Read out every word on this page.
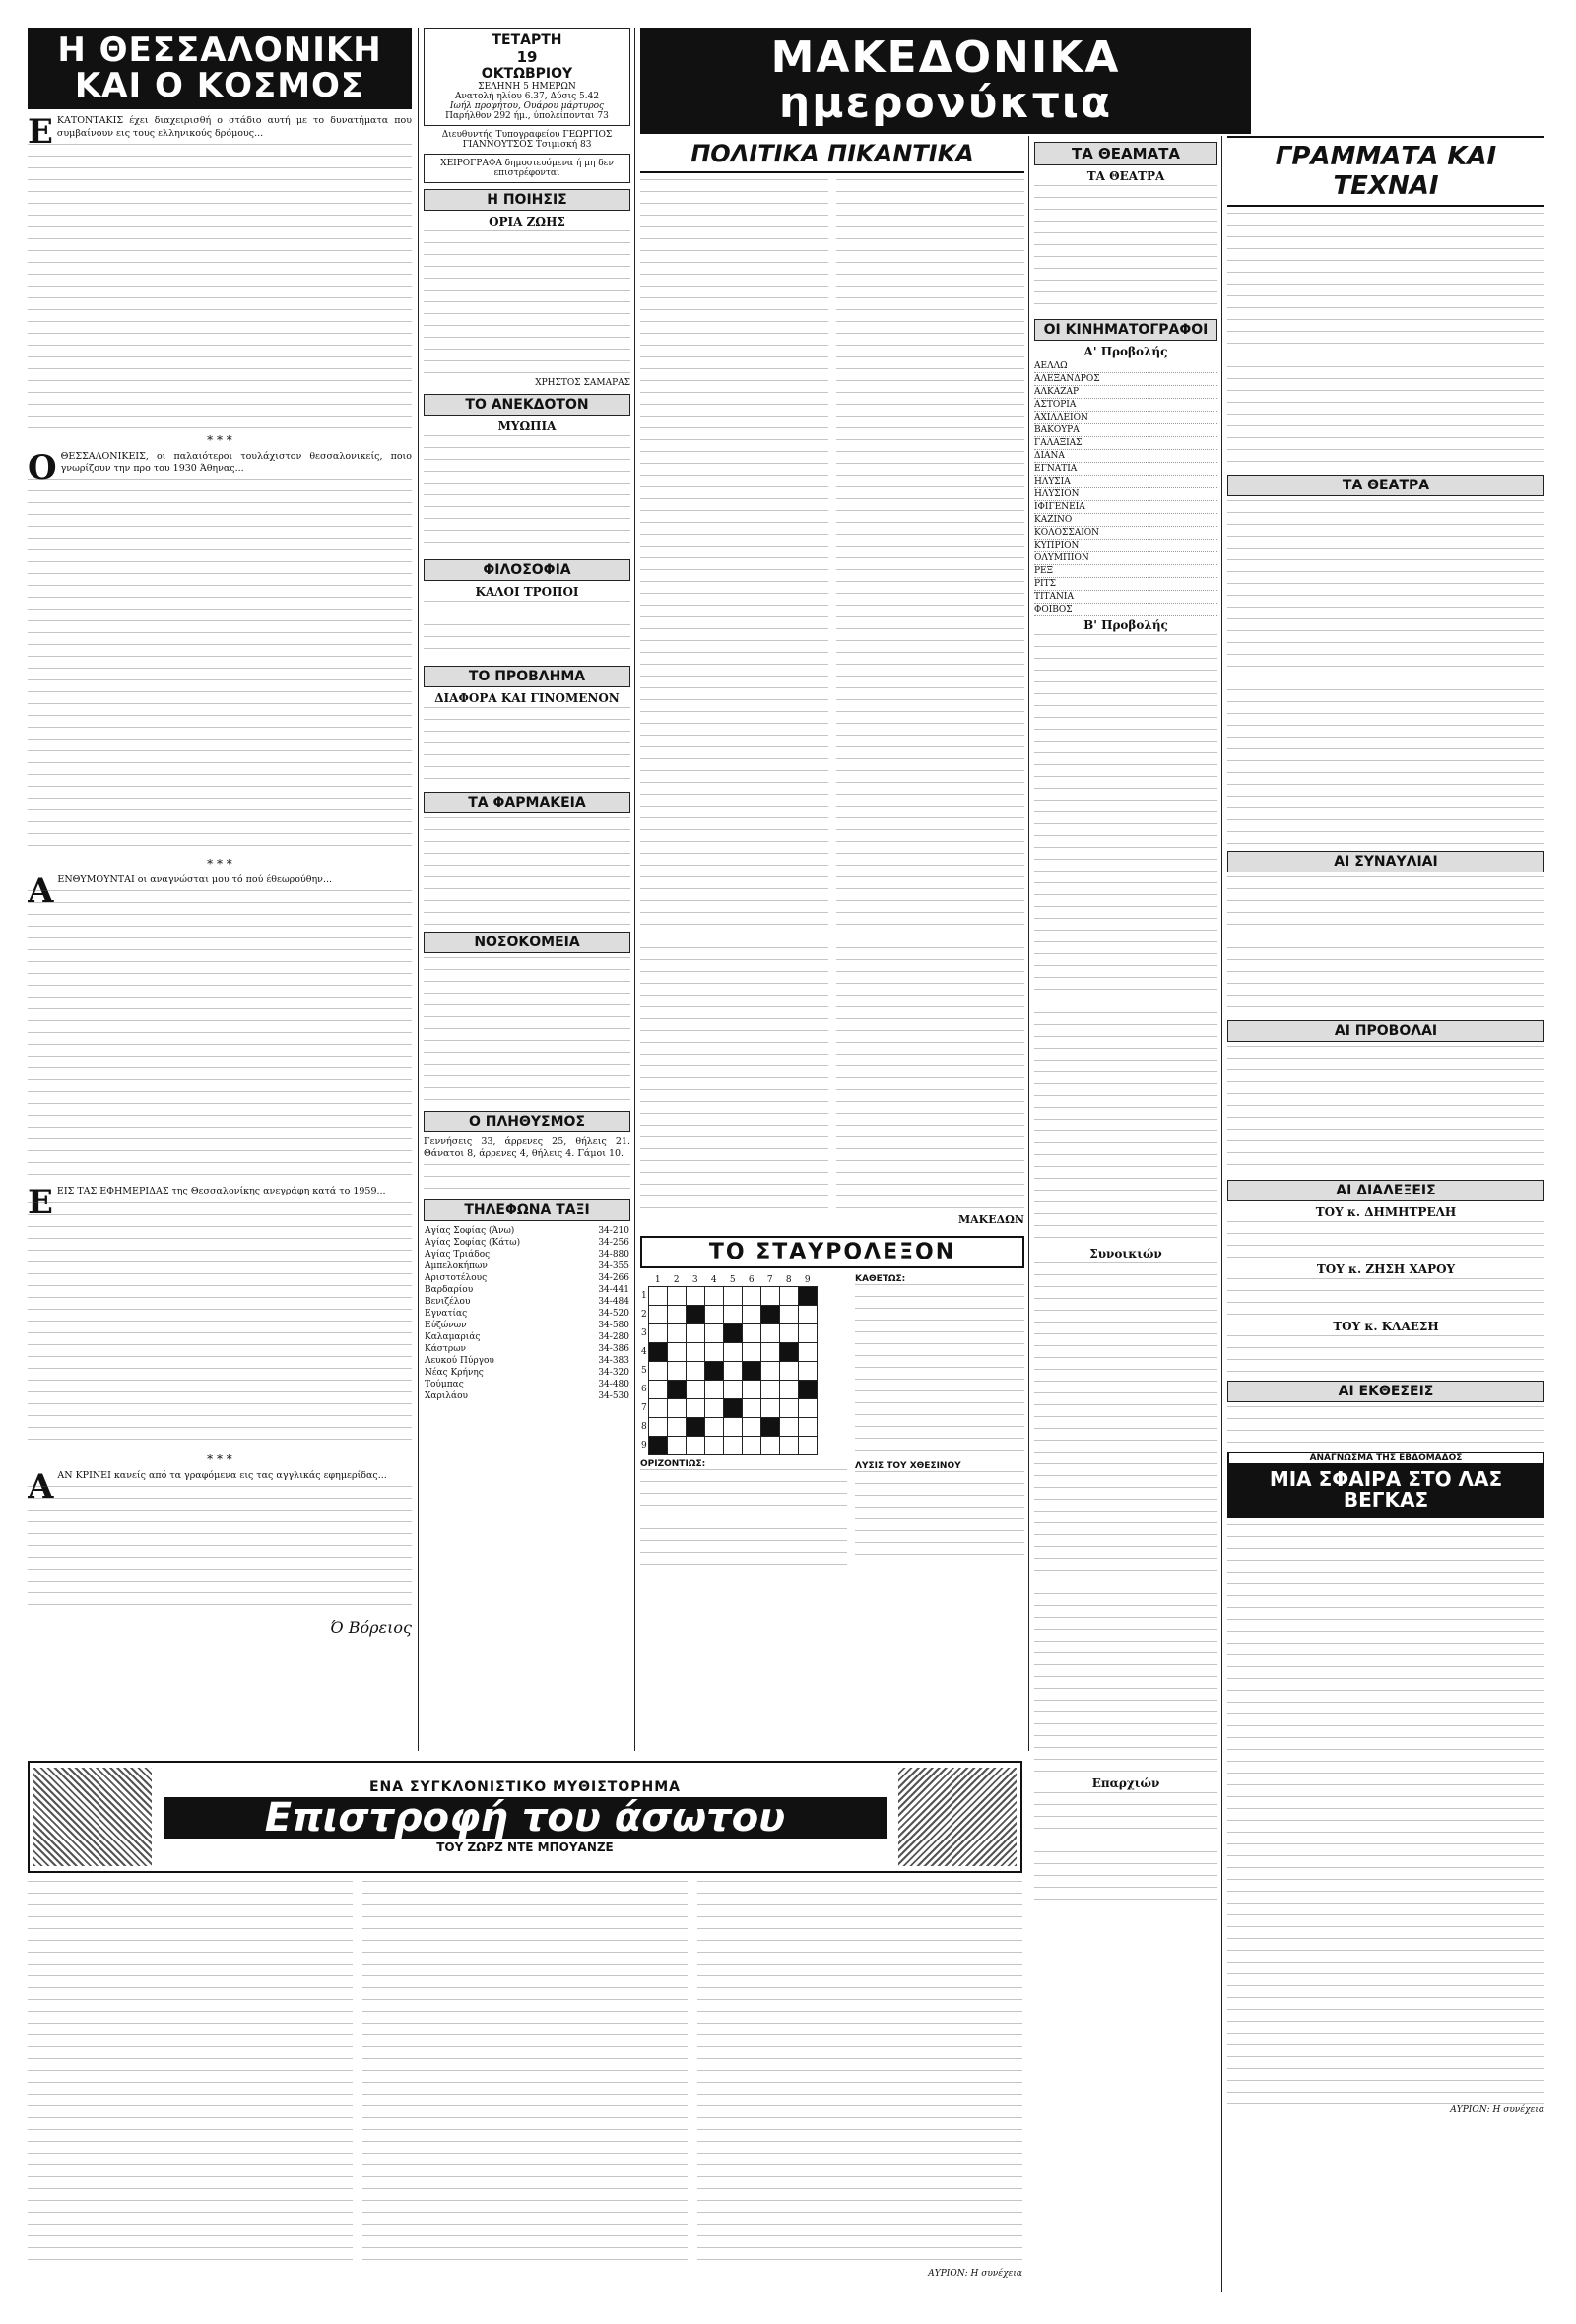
Η ΘΕΣΣΑΛΟΝΙΚΗ ΚΑΙ Ο ΚΟΣΜΟΣ
Ε ΚΑΤΟΝΤΑΚΙΣ έχει διαχειρισθή ο στάδιο αυτή με το δυνατήματα που συμβαίνουν εις τους ελληνικούς δρόμους...
* * *
Ο ΘΕΣΣΑΛΟΝΙΚΕΙΣ, οι παλαιότεροι τουλάχιστον θεσσαλονικείς, ποιο γνωρίζουν την προ του 1930 Άθηνας...
* * *
Α ΕΝΘΥΜΟΥΝΤΑΙ οι αναγνώσται μου τό πού έθεωρούθην...
Ε ΕΙΣ ΤΑΣ ΕΦΗΜΕΡΙΔΑΣ της Θεσσαλονίκης ανεγράφη κατά το 1959...
* * *
Α ΑΝ ΚΡΙΝΕΙ κανείς από τα γραφόμενα εις τας αγγλικάς εφημερίδας...
Ό Βόρειος
ΤΕΤΑΡΤΗ
19
ΟΚΤΩΒΡΙΟΥ
ΣΕΛΗΝΗ 5 ΗΜΕΡΩΝ
Ανατολή ηλίου 6.37, Δύσις 5.42
Ιωήλ προφήτου, Ουάρου μάρτυρος
Παρήλθον 292 ήμ., ύπολείπονται 73
Διευθυντής Τυπογραφείου ΓΕΩΡΓΙΟΣ ΓΙΑΝΝΟΥΤΣΟΣ Τσιμισκή 83
ΧΕΙΡΟΓΡΑΦΑ δημοσιευόμενα ή μη δεν επιστρέφονται
Η ΠΟΙΗΣΙΣ
ΟΡΙΑ ΖΩΗΣ
ΧΡΗΣΤΟΣ ΣΑΜΑΡΑΣ
ΤΟ ΑΝΕΚΔΟΤΟΝ
ΜΥΩΠΙΑ
ΦΙΛΟΣΟΦΙΑ
ΚΑΛΟΙ ΤΡΟΠΟΙ
ΤΟ ΠΡΟΒΛΗΜΑ
ΔΙΑΦΟΡΑ ΚΑΙ ΓΙΝΟΜΕΝΟΝ
ΤΑ ΦΑΡΜΑΚΕΙΑ
ΝΟΣΟΚΟΜΕΙΑ
Ο ΠΛΗΘΥΣΜΟΣ
Γεννήσεις 33, άρρενες 25, θήλεις 21. Θάνατοι 8, άρρενες 4, θήλεις 4. Γάμοι 10.
ΤΗΛΕΦΩΝΑ ΤΑΞΙ
Αγίας Σοφίας (Άνω)	34-210
Αγίας Σοφίας (Κάτω)	34-256
Αγίας Τριάδος	34-880
Αμπελοκήπων	34-355
Αριστοτέλους	34-266
Βαρδαρίου	34-441
Βενιζέλου	34-484
Εγνατίας	34-520
Εύζώνων	34-580
Καλαμαριάς	34-280
Κάστρων	34-386
Λευκού Πύργου	34-383
Νέας Κρήνης	34-320
Τούμπας	34-480
Χαριλάου	34-530
ΜΑΚΕΔΟΝΙΚΑ ημερονύκτια
ΠΟΛΙΤΙΚΑ ΠΙΚΑΝΤΙΚΑ
ΜΑΚΕΔΩΝ
ΤΟ ΣΤΑΥΡΟΛΕΞΟΝ
	1	2	3	4	5	6	7	8	9
1									
2									
3									
4									
5									
6									
7									
8									
9									
ΟΡΙΖΟΝΤΙΩΣ:
ΚΑΘΕΤΩΣ:
ΛΥΣΙΣ ΤΟΥ ΧΘΕΣΙΝΟΥ
ΤΑ ΘΕΑΜΑΤΑ
ΤΑ ΘΕΑΤΡΑ
ΟΙ ΚΙΝΗΜΑΤΟΓΡΑΦΟΙ
Α' Προβολής
ΑΕΛΛΩ
ΑΛΕΞΑΝΔΡΟΣ
ΑΛΚΑΖΑΡ
ΑΣΤΟΡΙΑ
ΑΧΙΛΛΕΙΟΝ
ΒΑΚΟΥΡΑ
ΓΑΛΑΞΙΑΣ
ΔΙΑΝΑ
ΕΓΝΑΤΙΑ
ΗΛΥΣΙΑ
ΗΛΥΣΙΟΝ
ΙΦΙΓΕΝΕΙΑ
ΚΑΖΙΝΟ
ΚΟΛΟΣΣΑΙΟΝ
ΚΥΠΡΙΟΝ
ΟΛΥΜΠΙΟΝ
ΡΕΞ
ΡΙΤΣ
ΤΙΤΑΝΙΑ
ΦΟΙΒΟΣ
Β' Προβολής
Συνοικιών
Επαρχιών
ΓΡΑΜΜΑΤΑ ΚΑΙ ΤΕΧΝΑΙ
ΤΑ ΘΕΑΤΡΑ
ΑΙ ΣΥΝΑΥΛΙΑΙ
ΑΙ ΠΡΟΒΟΛΑΙ
ΑΙ ΔΙΑΛΕΞΕΙΣ
ΤΟΥ κ. ΔΗΜΗΤΡΕΛΗ
ΤΟΥ κ. ΖΗΣΗ ΧΑΡΟΥ
ΤΟΥ κ. ΚΛΑΕΣΗ
ΑΙ ΕΚΘΕΣΕΙΣ
ΑΝΑΓΝΩΣΜΑ ΤΗΣ ΕΒΔΟΜΑΔΟΣ
ΜΙΑ ΣΦΑΙΡΑ ΣΤΟ ΛΑΣ ΒΕΓΚΑΣ
ΑΥΡΙΟΝ: Η συνέχεια
ΕΝΑ ΣΥΓΚΛΟΝΙΣΤΙΚΟ ΜΥΘΙΣΤΟΡΗΜΑ
Επιστροφή του άσωτου
ΤΟΥ ΖΩΡΖ ΝΤΕ ΜΠΟΥΑΝΖΕ
ΑΥΡΙΟΝ: Η συνέχεια
